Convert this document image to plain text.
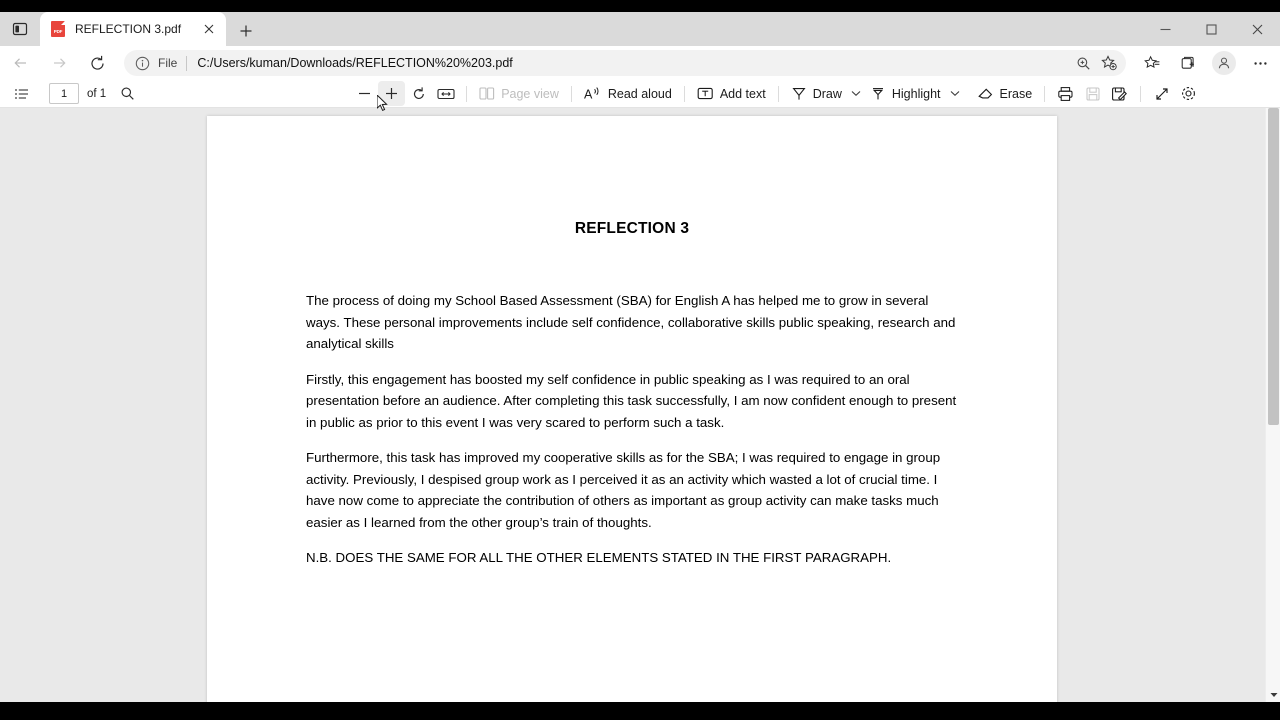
PDF
REFLECTION 3.pdf
File C:/Users/kuman/Downloads/REFLECTION%20%203.pdf
1 of 1	Page view A Read aloud	Add text	Draw	Highlight	Erase
REFLECTION 3

The process of doing my School Based Assessment (SBA) for English A has helped me to grow in several ways. These personal improvements include self confidence, collaborative skills public speaking, research and analytical skills

Firstly, this engagement has boosted my self confidence in public speaking as I was required to an oral presentation before an audience. After completing this task successfully, I am now confident enough to present in public as prior to this event I was very scared to perform such a task.

Furthermore, this task has improved my cooperative skills as for the SBA; I was required to engage in group activity. Previously, I despised group work as I perceived it as an activity which wasted a lot of crucial time. I have now come to appreciate the contribution of others as important as group activity can make tasks much easier as I learned from the other group’s train of thoughts.

N.B. DOES THE SAME FOR ALL THE OTHER ELEMENTS STATED IN THE FIRST PARAGRAPH.
